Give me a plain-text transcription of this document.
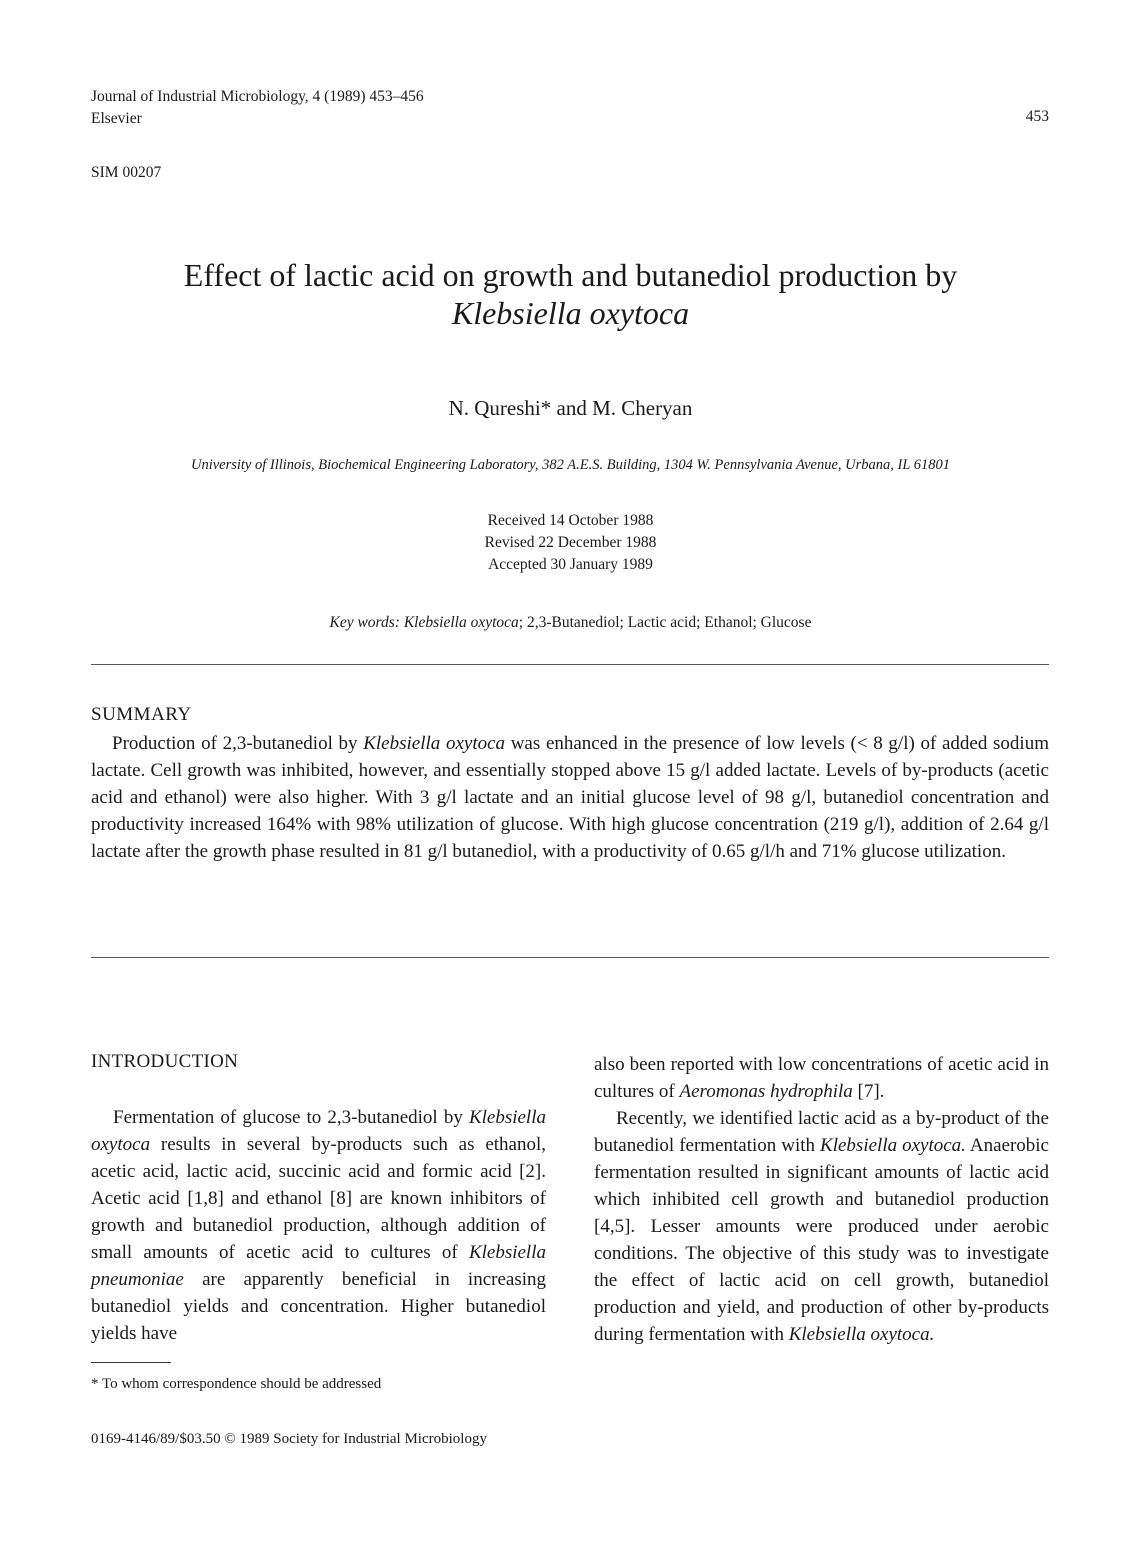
Journal of Industrial Microbiology, 4 (1989) 453–456
Elsevier	453
SIM 00207
Effect of lactic acid on growth and butanediol production by
Klebsiella oxytoca
N. Qureshi* and M. Cheryan
University of Illinois, Biochemical Engineering Laboratory, 382 A.E.S. Building, 1304 W. Pennsylvania Avenue, Urbana, IL 61801
Received 14 October 1988
Revised 22 December 1988
Accepted 30 January 1989
Key words: Klebsiella oxytoca; 2,3-Butanediol; Lactic acid; Ethanol; Glucose
SUMMARY
Production of 2,3-butanediol by Klebsiella oxytoca was enhanced in the presence of low levels (< 8 g/l) of added sodium lactate. Cell growth was inhibited, however, and essentially stopped above 15 g/l added lactate. Levels of by-products (acetic acid and ethanol) were also higher. With 3 g/l lactate and an initial glucose level of 98 g/l, butanediol concentration and productivity increased 164% with 98% utilization of glucose. With high glucose concentration (219 g/l), addition of 2.64 g/l lactate after the growth phase resulted in 81 g/l butanediol, with a productivity of 0.65 g/l/h and 71% glucose utilization.
INTRODUCTION

Fermentation of glucose to 2,3-butanediol by Klebsiella oxytoca results in several by-products such as ethanol, acetic acid, lactic acid, succinic acid and formic acid [2]. Acetic acid [1,8] and ethanol [8] are known inhibitors of growth and butanediol production, although addition of small amounts of acetic acid to cultures of Klebsiella pneumoniae are apparently beneficial in increasing butanediol yields and concentration. Higher butanediol yields have

also been reported with low concentrations of acetic acid in cultures of Aeromonas hydrophila [7].

Recently, we identified lactic acid as a by-product of the butanediol fermentation with Klebsiella oxytoca. Anaerobic fermentation resulted in significant amounts of lactic acid which inhibited cell growth and butanediol production [4,5]. Lesser amounts were produced under aerobic conditions. The objective of this study was to investigate the effect of lactic acid on cell growth, butanediol production and yield, and production of other by-products during fermentation with Klebsiella oxytoca.

* To whom correspondence should be addressed
0169-4146/89/$03.50 © 1989 Society for Industrial Microbiology
